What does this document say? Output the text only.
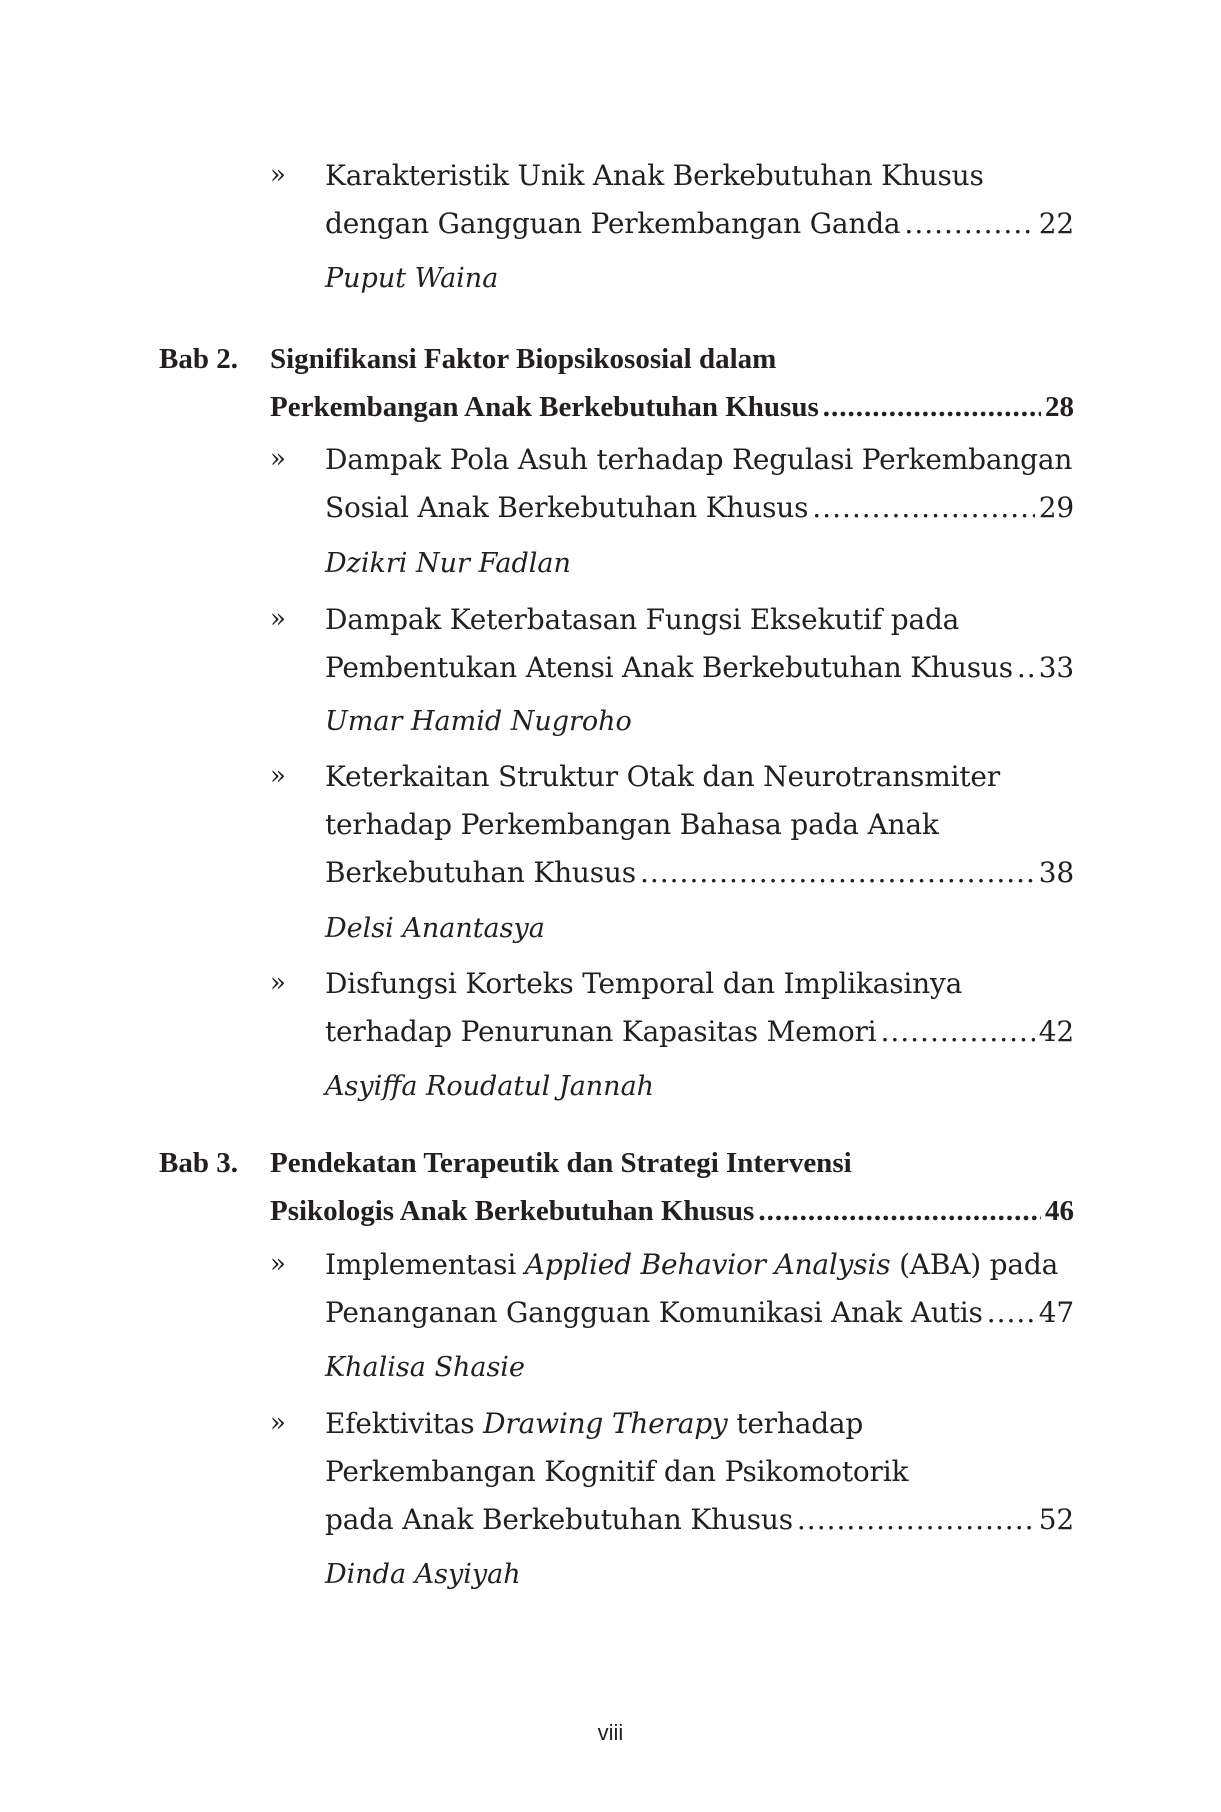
» Karakteristik Unik Anak Berkebutuhan Khusus
dengan Gangguan Perkembangan Ganda .....	22
Puput Waina
Bab 2. Signifikansi Faktor Biopsikososial dalam
Perkembangan Anak Berkebutuhan Khusus .....	28
» Dampak Pola Asuh terhadap Regulasi Perkembangan
Sosial Anak Berkebutuhan Khusus .....	29
Dzikri Nur Fadlan
» Dampak Keterbatasan Fungsi Eksekutif pada
Pembentukan Atensi Anak Berkebutuhan Khusus ..... 33
Umar Hamid Nugroho
» Keterkaitan Struktur Otak dan Neurotransmiter
terhadap Perkembangan Bahasa pada Anak
Berkebutuhan Khusus .....	38
Delsi Anantasya
» Disfungsi Korteks Temporal dan Implikasinya
terhadap Penurunan Kapasitas Memori .....	42
Asyiffa Roudatul Jannah
Bab 3. Pendekatan Terapeutik dan Strategi Intervensi
Psikologis Anak Berkebutuhan Khusus .....	46
» Implementasi Applied Behavior Analysis (ABA) pada
Penanganan Gangguan Komunikasi Anak Autis ..... 47
Khalisa Shasie
» Efektivitas Drawing Therapy terhadap
Perkembangan Kognitif dan Psikomotorik
pada Anak Berkebutuhan Khusus .....	52
Dinda Asyiyah
viii
